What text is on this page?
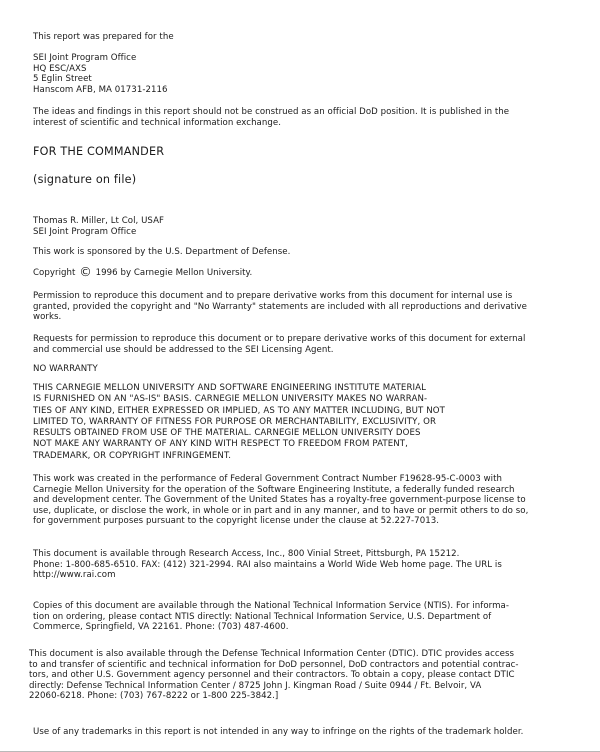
This report was prepared for the

SEI Joint Program Office
HQ ESC/AXS
5 Eglin Street
Hanscom AFB, MA 01731-2116
The ideas and findings in this report should not be construed as an official DoD position. It is published in the
interest of scientific and technical information exchange.

FOR THE COMMANDER

(signature on file)

Thomas R. Miller, Lt Col, USAF
SEI Joint Program Office

This work is sponsored by the U.S. Department of Defense.

Copyright © 1996 by Carnegie Mellon University.

Permission to reproduce this document and to prepare derivative works from this document for internal use is
granted, provided the copyright and "No Warranty" statements are included with all reproductions and derivative
works.
Requests for permission to reproduce this document or to prepare derivative works of this document for external
and commercial use should be addressed to the SEI Licensing Agent.

NO WARRANTY

THIS CARNEGIE MELLON UNIVERSITY AND SOFTWARE ENGINEERING INSTITUTE MATERIAL
IS FURNISHED ON AN "AS-IS" BASIS. CARNEGIE MELLON UNIVERSITY MAKES NO WARRAN-
TIES OF ANY KIND, EITHER EXPRESSED OR IMPLIED, AS TO ANY MATTER INCLUDING, BUT NOT
LIMITED TO, WARRANTY OF FITNESS FOR PURPOSE OR MERCHANTABILITY, EXCLUSIVITY, OR
RESULTS OBTAINED FROM USE OF THE MATERIAL. CARNEGIE MELLON UNIVERSITY DOES
NOT MAKE ANY WARRANTY OF ANY KIND WITH RESPECT TO FREEDOM FROM PATENT,
TRADEMARK, OR COPYRIGHT INFRINGEMENT.
This work was created in the performance of Federal Government Contract Number F19628-95-C-0003 with
Carnegie Mellon University for the operation of the Software Engineering Institute, a federally funded research
and development center. The Government of the United States has a royalty-free government-purpose license to
use, duplicate, or disclose the work, in whole or in part and in any manner, and to have or permit others to do so,
for government purposes pursuant to the copyright license under the clause at 52.227-7013.
This document is available through Research Access, Inc., 800 Vinial Street, Pittsburgh, PA 15212.
Phone: 1-800-685-6510. FAX: (412) 321-2994. RAI also maintains a World Wide Web home page. The URL is
http://www.rai.com
Copies of this document are available through the National Technical Information Service (NTIS). For informa-
tion on ordering, please contact NTIS directly: National Technical Information Service, U.S. Department of
Commerce, Springfield, VA 22161. Phone: (703) 487-4600.
This document is also available through the Defense Technical Information Center (DTIC). DTIC provides access
to and transfer of scientific and technical information for DoD personnel, DoD contractors and potential contrac-
tors, and other U.S. Government agency personnel and their contractors. To obtain a copy, please contact DTIC
directly: Defense Technical Information Center / 8725 John J. Kingman Road / Suite 0944 / Ft. Belvoir, VA
22060-6218. Phone: (703) 767-8222 or 1-800 225-3842.]

Use of any trademarks in this report is not intended in any way to infringe on the rights of the trademark holder.
